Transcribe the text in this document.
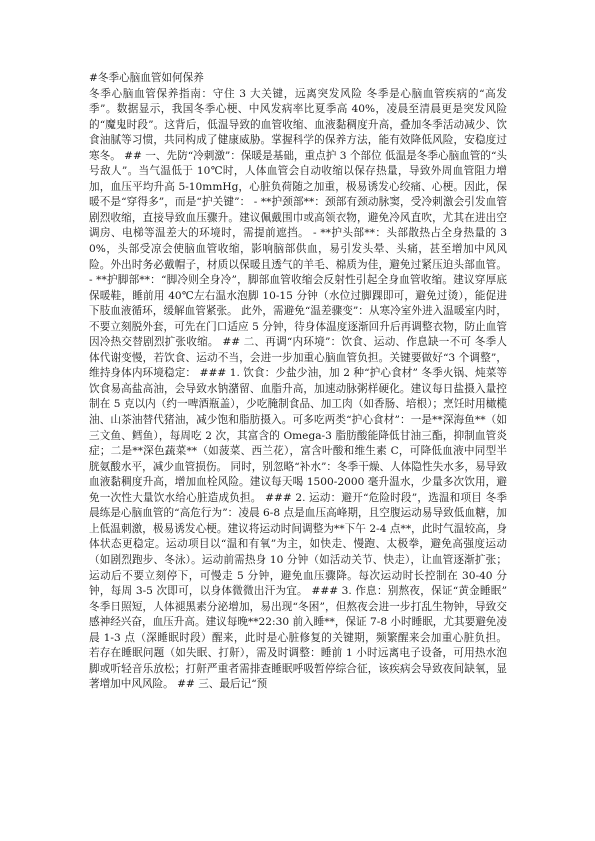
#冬季心脑血管如何保养
冬季心脑血管保养指南：守住 3 大关键，远离突发风险 冬季是心脑血管疾病的“高发季”。数据显示，我国冬季心梗、中风发病率比夏季高 40%，凌晨至清晨更是突发风险的“魔鬼时段”。这背后，低温导致的血管收缩、血液黏稠度升高，叠加冬季活动减少、饮食油腻等习惯，共同构成了健康威胁。掌握科学的保养方法，能有效降低风险，安稳度过寒冬。 ## 一、先防“冷刺激”：保暖是基础，重点护 3 个部位 低温是冬季心脑血管的“头号敌人”。当气温低于 10℃时，人体血管会自动收缩以保存热量，导致外周血管阻力增加，血压平均升高 5-10mmHg，心脏负荷随之加重，极易诱发心绞痛、心梗。因此，保暖不是“穿得多”，而是“护关键”： - **护颈部**：颈部有颈动脉窦，受冷刺激会引发血管剧烈收缩，直接导致血压骤升。建议佩戴围巾或高领衣物，避免冷风直吹，尤其在进出空调房、电梯等温差大的环境时，需提前遮挡。 - **护头部**：头部散热占全身热量的 30%，头部受凉会使脑血管收缩，影响脑部供血，易引发头晕、头痛，甚至增加中风风险。外出时务必戴帽子，材质以保暖且透气的羊毛、棉质为佳，避免过紧压迫头部血管。 - **护脚部**：“脚冷则全身冷”，脚部血管收缩会反射性引起全身血管收缩。建议穿厚底保暖鞋，睡前用 40℃左右温水泡脚 10-15 分钟（水位过脚踝即可，避免过烫），能促进下肢血液循环，缓解血管紧张。 此外，需避免“温差骤变”：从寒冷室外进入温暖室内时，不要立刻脱外套，可先在门口适应 5 分钟，待身体温度逐渐回升后再调整衣物，防止血管因冷热交替剧烈扩张收缩。 ## 二、再调“内环境”：饮食、运动、作息缺一不可 冬季人体代谢变慢，若饮食、运动不当，会进一步加重心脑血管负担。关键要做好“3 个调整”，维持身体内环境稳定： ### 1. 饮食：少盐少油，加 2 种“护心食材” 冬季火锅、炖菜等饮食易高盐高油，会导致水钠潴留、血脂升高，加速动脉粥样硬化。建议每日盐摄入量控制在 5 克以内（约一啤酒瓶盖），少吃腌制食品、加工肉（如香肠、培根）；烹饪时用橄榄油、山茶油替代猪油，减少饱和脂肪摄入。可多吃两类“护心食材”：一是**深海鱼**（如三文鱼、鳕鱼），每周吃 2 次，其富含的 Omega-3 脂肪酸能降低甘油三酯，抑制血管炎症；二是**深色蔬菜**（如菠菜、西兰花），富含叶酸和维生素 C，可降低血液中同型半胱氨酸水平，减少血管损伤。 同时，别忽略“补水”：冬季干燥、人体隐性失水多，易导致血液黏稠度升高，增加血栓风险。建议每天喝 1500-2000 毫升温水，少量多次饮用，避免一次性大量饮水给心脏造成负担。 ### 2. 运动：避开“危险时段”，选温和项目 冬季晨练是心脑血管的“高危行为”：凌晨 6-8 点是血压高峰期，且空腹运动易导致低血糖，加上低温刺激，极易诱发心梗。建议将运动时间调整为**下午 2-4 点**，此时气温较高，身体状态更稳定。运动项目以“温和有氧”为主，如快走、慢跑、太极拳，避免高强度运动（如剧烈跑步、冬泳）。运动前需热身 10 分钟（如活动关节、快走），让血管逐渐扩张；运动后不要立刻停下，可慢走 5 分钟，避免血压骤降。每次运动时长控制在 30-40 分钟，每周 3-5 次即可，以身体微微出汗为宜。 ### 3. 作息：别熬夜，保证“黄金睡眠” 冬季日照短，人体褪黑素分泌增加，易出现“冬困”，但熬夜会进一步打乱生物钟，导致交感神经兴奋，血压升高。建议每晚**22:30 前入睡**，保证 7-8 小时睡眠，尤其要避免凌晨 1-3 点（深睡眠时段）醒来，此时是心脏修复的关键期，频繁醒来会加重心脏负担。 若存在睡眠问题（如失眠、打鼾），需及时调整：睡前 1 小时远离电子设备，可用热水泡脚或听轻音乐放松；打鼾严重者需排查睡眠呼吸暂停综合征，该疾病会导致夜间缺氧，显著增加中风风险。 ## 三、最后记“预
